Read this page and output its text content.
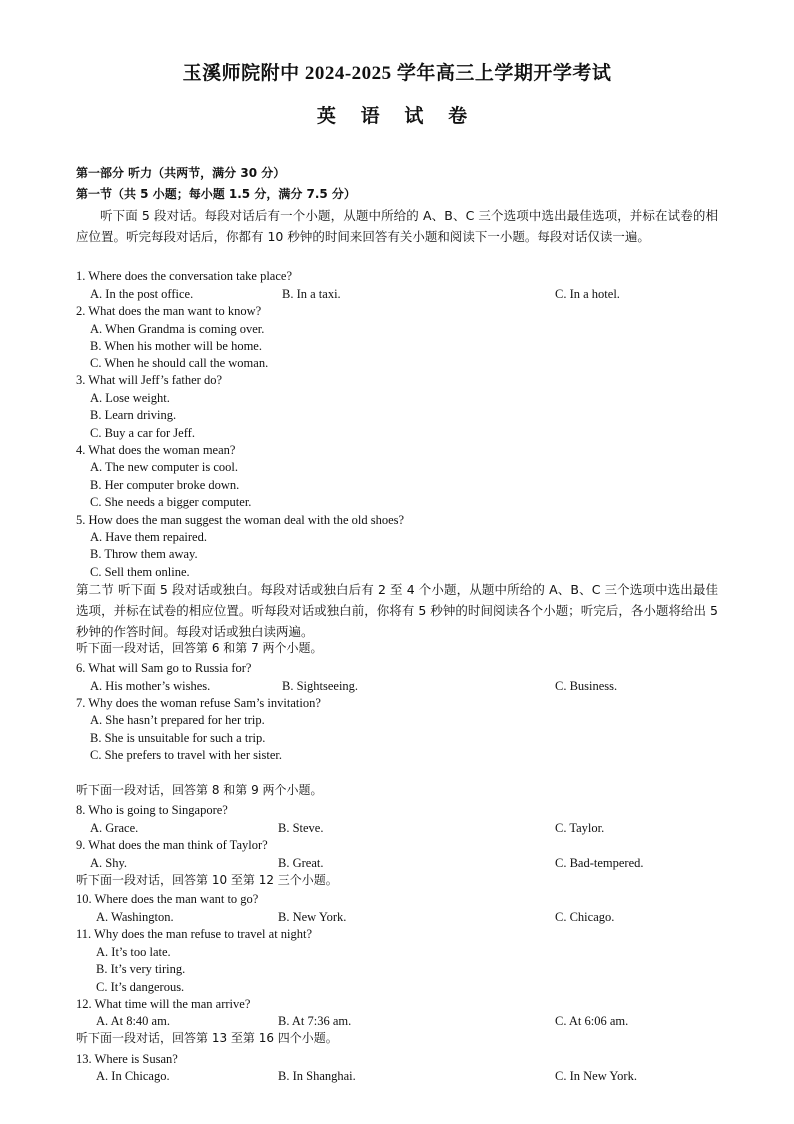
玉溪师院附中 2024-2025 学年高三上学期开学考试
英 语 试 卷
第一部分 听力（共两节，满分 30 分）
第一节（共 5 小题；每小题 1.5 分，满分 7.5 分）
听下面 5 段对话。每段对话后有一个小题，从题中所给的 A、B、C 三个选项中选出最佳选项，并标在试卷的相应位置。听完每段对话后，你都有 10 秒钟的时间来回答有关小题和阅读下一小题。每段对话仅读一遍。
1. Where does the conversation take place?
A. In the post office.	B. In a taxi.	C. In a hotel.
2. What does the man want to know?
A. When Grandma is coming over.
B. When his mother will be home.
C. When he should call the woman.
3. What will Jeff’s father do?
A. Lose weight.
B. Learn driving.
C. Buy a car for Jeff.
4. What does the woman mean?
A. The new computer is cool.
B. Her computer broke down.
C. She needs a bigger computer.
5. How does the man suggest the woman deal with the old shoes?
A. Have them repaired.
B. Throw them away.
C. Sell them online.
第二节 听下面 5 段对话或独白。每段对话或独白后有 2 至 4 个小题，从题中所给的 A、B、C 三个选项中选出最佳选项，并标在试卷的相应位置。听每段对话或独白前，你将有 5 秒钟的时间阅读各个小题；听完后，各小题将给出 5 秒钟的作答时间。每段对话或独白读两遍。
听下面一段对话，回答第 6 和第 7 两个小题。
6. What will Sam go to Russia for?
A. His mother’s wishes.	B. Sightseeing.	C. Business.
7. Why does the woman refuse Sam’s invitation?
A. She hasn’t prepared for her trip.
B. She is unsuitable for such a trip.
C. She prefers to travel with her sister.
听下面一段对话，回答第 8 和第 9 两个小题。
8. Who is going to Singapore?
A. Grace.	B. Steve.	C. Taylor.
9. What does the man think of Taylor?
A. Shy.	B. Great.	C. Bad-tempered.
听下面一段对话，回答第 10 至第 12 三个小题。
10. Where does the man want to go?
A. Washington.	B. New York.	C. Chicago.
11. Why does the man refuse to travel at night?
A. It’s too late.
B. It’s very tiring.
C. It’s dangerous.
12. What time will the man arrive?
A. At 8:40 am.	B. At 7:36 am.	C. At 6:06 am.
听下面一段对话，回答第 13 至第 16 四个小题。
13. Where is Susan?
A. In Chicago.	B. In Shanghai.	C. In New York.
